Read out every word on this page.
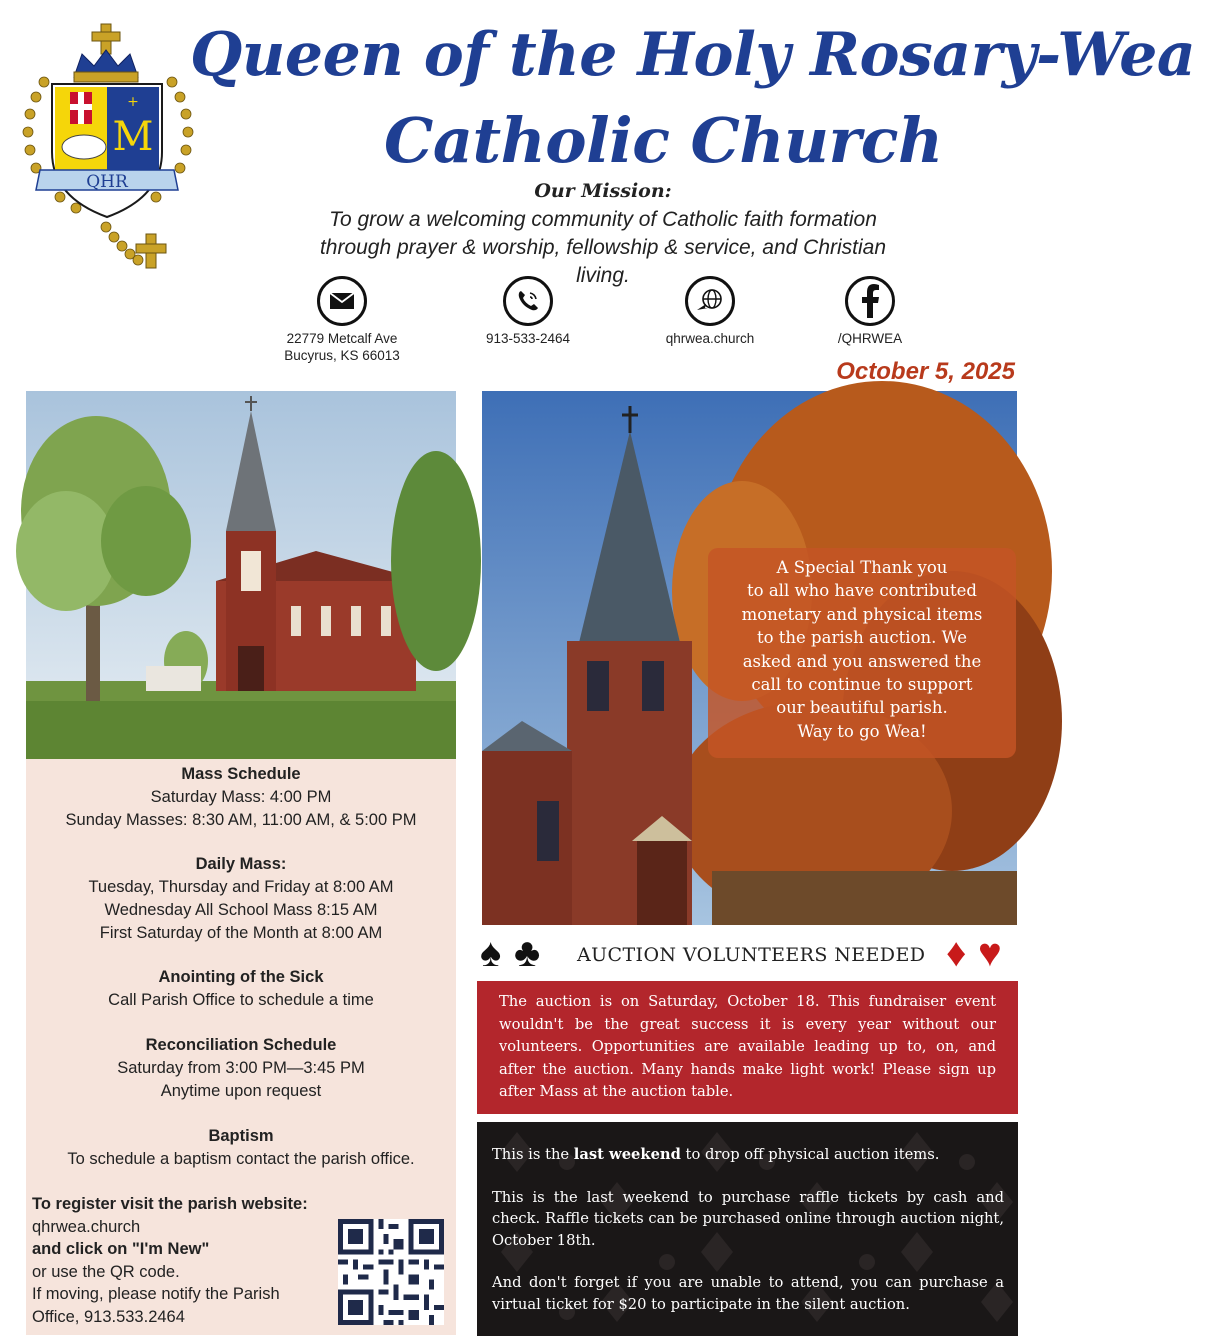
M
+
QHR
Queen of the Holy Rosary-Wea
Catholic Church
Our Mission:
To grow a welcoming community of Catholic faith formation
through prayer & worship, fellowship & service, and Christian living.
22779 Metcalf Ave
Bucyrus, KS 66013
913-533-2464	qhrwea.church	/QHRWEA
October 5, 2025
Mass Schedule
Saturday Mass: 4:00 PM
Sunday Masses: 8:30 AM, 11:00 AM, & 5:00 PM
Daily Mass:
Tuesday, Thursday and Friday at 8:00 AM
Wednesday All School Mass 8:15 AM
First Saturday of the Month at 8:00 AM
Anointing of the Sick
Call Parish Office to schedule a time
Reconciliation Schedule
Saturday from 3:00 PM—3:45 PM
Anytime upon request
Baptism
To schedule a baptism contact the parish office.
To register visit the parish website:
qhrwea.church
and click on "I'm New"
or use the QR code.
If moving, please notify the Parish
Office, 913.533.2464
A Special Thank you
to all who have contributed
monetary and physical items
to the parish auction. We
asked and you answered the
call to continue to support
our beautiful parish.
Way to go Wea!
♠ ♣ AUCTION VOLUNTEERS NEEDED ♦ ♥
The auction is on Saturday, October 18. This fundraiser event wouldn't be the great success it is every year without our volunteers. Opportunities are available leading up to, on, and after the auction. Many hands make light work! Please sign up after Mass at the auction table.

This is the last weekend to drop off physical auction items.

This is the last weekend to purchase raffle tickets by cash and check. Raffle tickets can be purchased online through auction night, October 18th.

And don't forget if you are unable to attend, you can purchase a virtual ticket for $20 to participate in the silent auction.
